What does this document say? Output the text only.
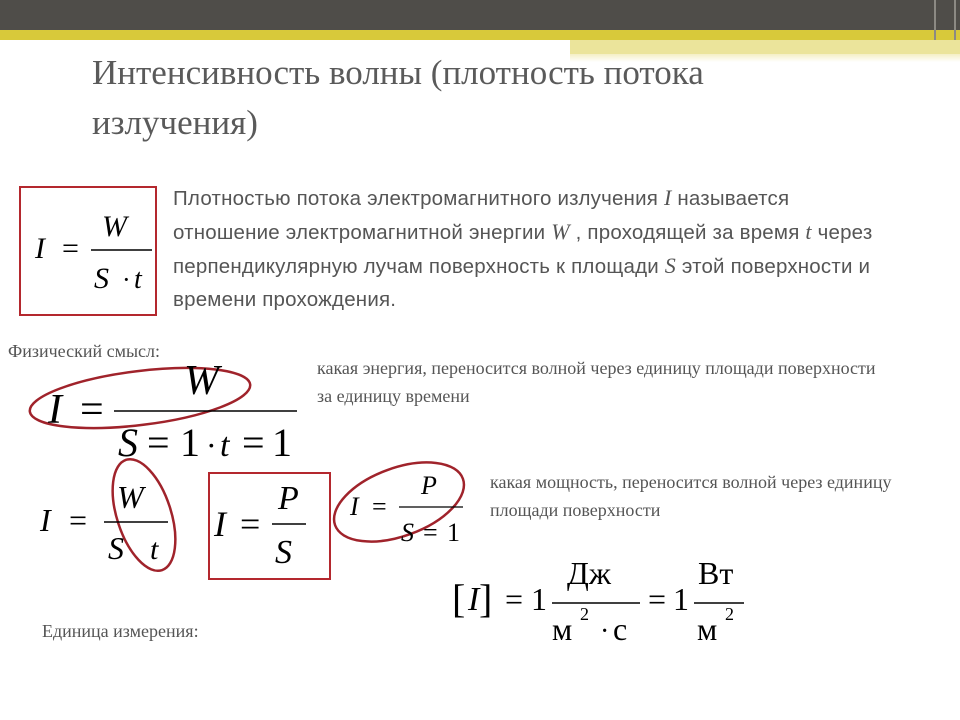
Интенсивность волны (плотность потока излучения)
Плотностью потока электромагнитного излучения I называется отношение электромагнитной энергии W , проходящей за время t через перпендикулярную лучам поверхность к площади S этой поверхности и времени прохождения.
Физический смысл:
какая энергия, переносится волной через единицу площади поверхности за единицу времени
какая мощность, переносится волной через единицу площади поверхности
Единица измерения:
I =
W
S · t
I =
W
S = 1 · t = 1
I =
W
S t
I =
P
S
I =
P
S = 1
[ I ] = 1
Дж
м 2
· с
= 1
Вт
м 2
